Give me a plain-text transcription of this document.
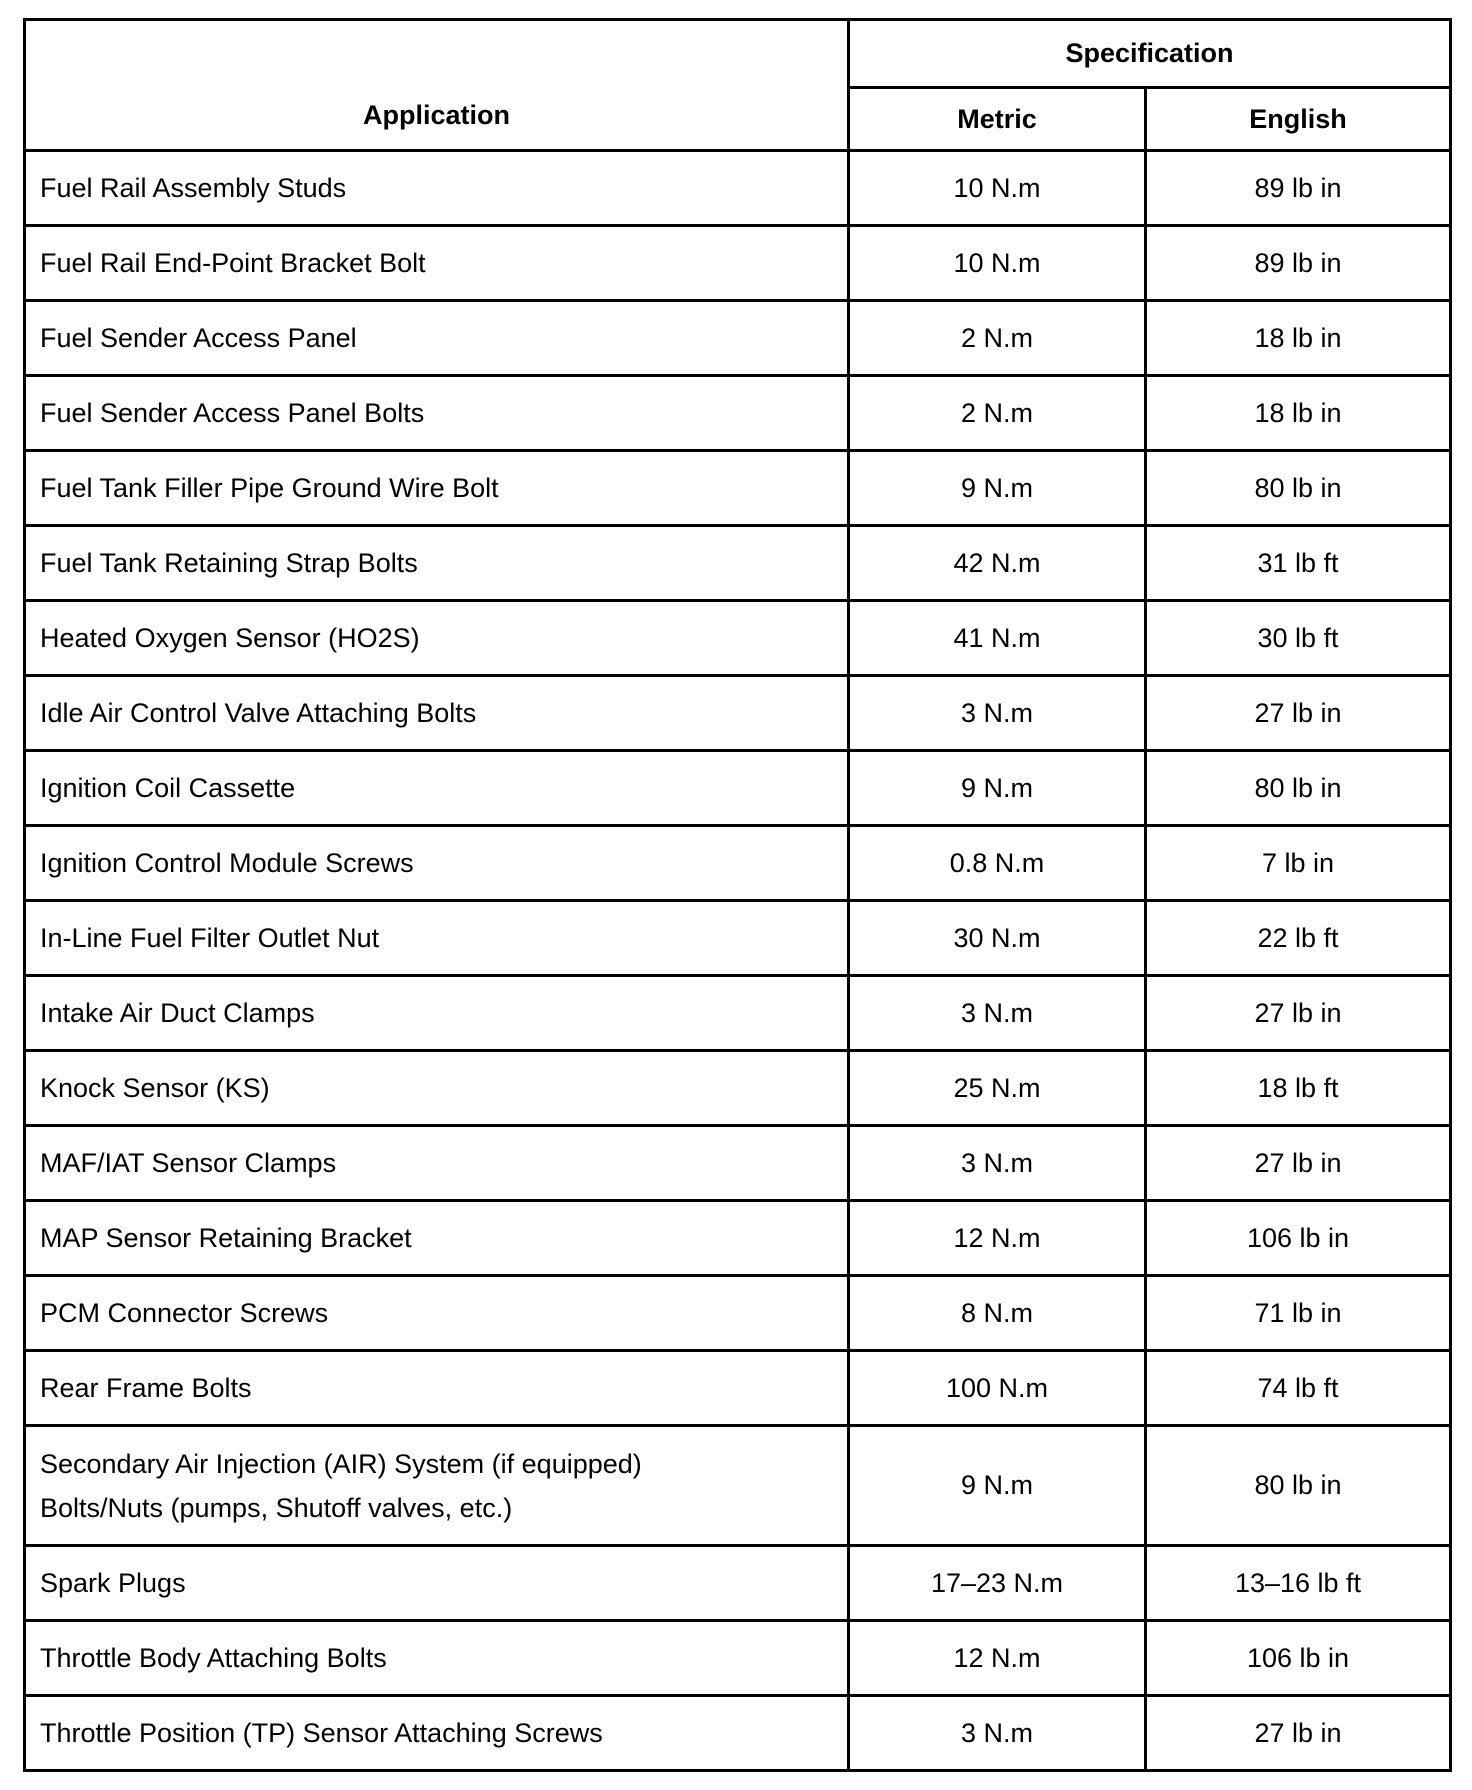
Application	Specification	
	Metric	English
Fuel Rail Assembly Studs	10 N.m	89 lb in
Fuel Rail End-Point Bracket Bolt	10 N.m	89 lb in
Fuel Sender Access Panel	2 N.m	18 lb in
Fuel Sender Access Panel Bolts	2 N.m	18 lb in
Fuel Tank Filler Pipe Ground Wire Bolt	9 N.m	80 lb in
Fuel Tank Retaining Strap Bolts	42 N.m	31 lb ft
Heated Oxygen Sensor (HO2S)	41 N.m	30 lb ft
Idle Air Control Valve Attaching Bolts	3 N.m	27 lb in
Ignition Coil Cassette	9 N.m	80 lb in
Ignition Control Module Screws	0.8 N.m	7 lb in
In-Line Fuel Filter Outlet Nut	30 N.m	22 lb ft
Intake Air Duct Clamps	3 N.m	27 lb in
Knock Sensor (KS)	25 N.m	18 lb ft
MAF/IAT Sensor Clamps	3 N.m	27 lb in
MAP Sensor Retaining Bracket	12 N.m	106 lb in
PCM Connector Screws	8 N.m	71 lb in
Rear Frame Bolts	100 N.m	74 lb ft

Secondary Air Injection (AIR) System (if equipped)
Bolts/Nuts (pumps, Shutoff valves, etc.)	9 N.m	80 lb in
Spark Plugs	17–23 N.m	13–16 lb ft
Throttle Body Attaching Bolts	12 N.m	106 lb in
Throttle Position (TP) Sensor Attaching Screws	3 N.m	27 lb in
